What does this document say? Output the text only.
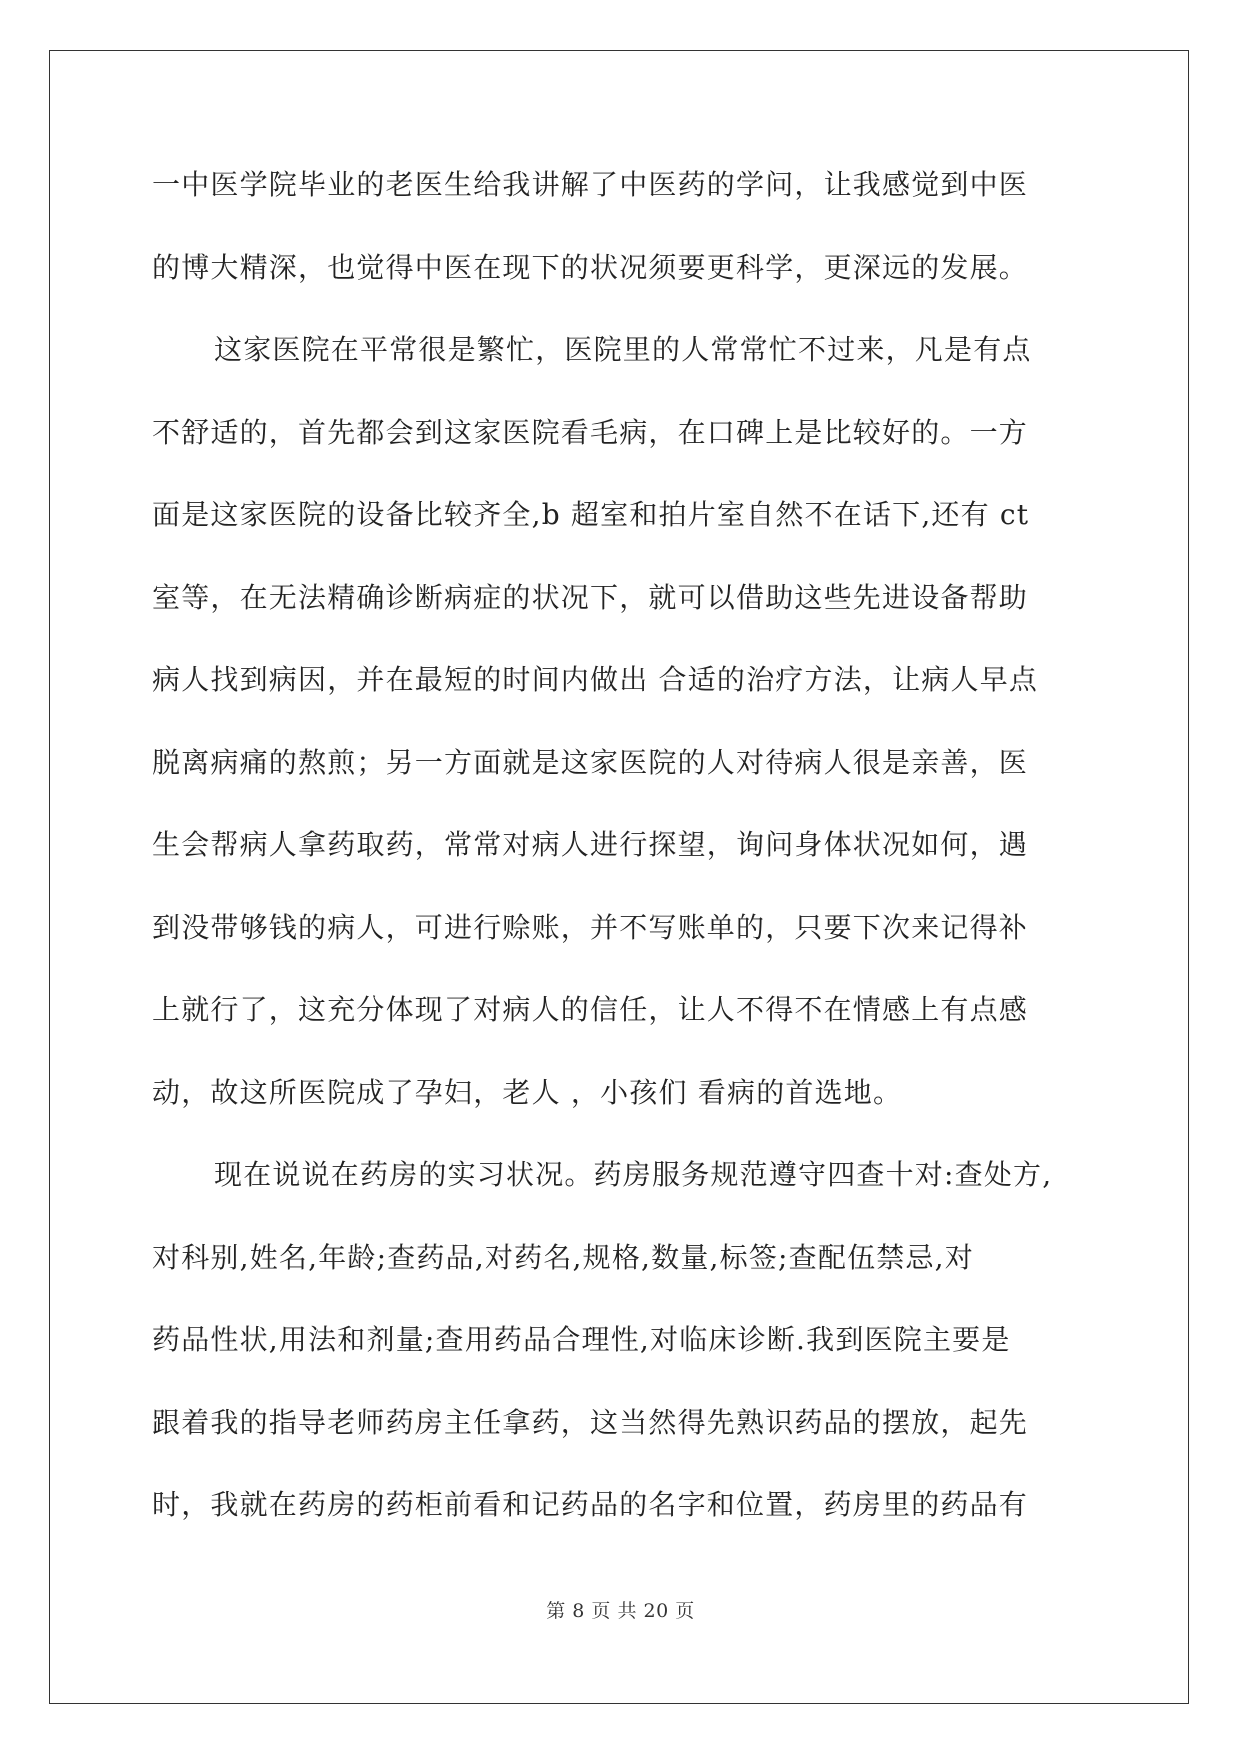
一中医学院毕业的老医生给我讲解了中医药的学问，让我感觉到中医
的博大精深，也觉得中医在现下的状况须要更科学，更深远的发展。
这家医院在平常很是繁忙，医院里的人常常忙不过来，凡是有点
不舒适的，首先都会到这家医院看毛病，在口碑上是比较好的。一方
面是这家医院的设备比较齐全,b 超室和拍片室自然不在话下,还有 ct
室等，在无法精确诊断病症的状况下，就可以借助这些先进设备帮助
病人找到病因，并在最短的时间内做出 合适的治疗方法，让病人早点
脱离病痛的熬煎；另一方面就是这家医院的人对待病人很是亲善，医
生会帮病人拿药取药，常常对病人进行探望，询问身体状况如何，遇
到没带够钱的病人，可进行赊账，并不写账单的，只要下次来记得补
上就行了，这充分体现了对病人的信任，让人不得不在情感上有点感
动，故这所医院成了孕妇，老人 ，小孩们 看病的首选地。
现在说说在药房的实习状况。药房服务规范遵守四查十对:查处方,
对科别,姓名,年龄;查药品,对药名,规格,数量,标签;查配伍禁忌,对
药品性状,用法和剂量;查用药品合理性,对临床诊断.我到医院主要是
跟着我的指导老师药房主任拿药，这当然得先熟识药品的摆放，起先
时，我就在药房的药柜前看和记药品的名字和位置，药房里的药品有
第 8 页 共 20 页
